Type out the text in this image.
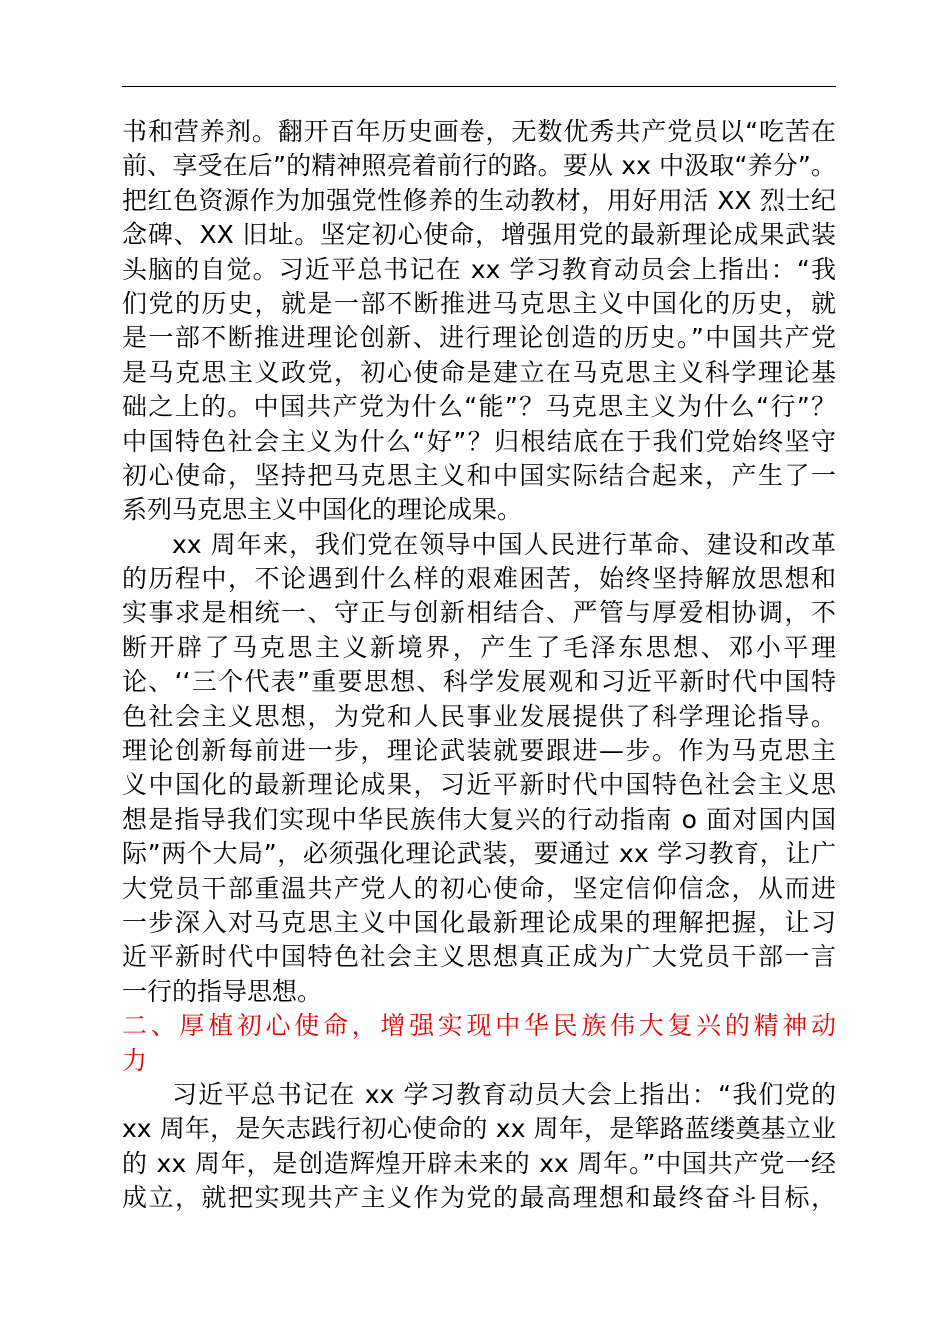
书和营养剂。翻开百年历史画卷，无数优秀共产党员以“吃苦在
前、享受在后”的精神照亮着前行的路。要从 xx 中汲取“养分”。
把红色资源作为加强党性修养的生动教材，用好用活 XX 烈士纪
念碑、XX 旧址。坚定初心使命，增强用党的最新理论成果武装
头脑的自觉。习近平总书记在 xx 学习教育动员会上指出：“我
们党的历史，就是一部不断推进马克思主义中国化的历史，就
是一部不断推进理论创新、进行理论创造的历史。”中国共产党
是马克思主义政党，初心使命是建立在马克思主义科学理论基
础之上的。中国共产党为什么“能”？马克思主义为什么“行”？
中国特色社会主义为什么“好”？归根结底在于我们党始终坚守
初心使命，坚持把马克思主义和中国实际结合起来，产生了一
系列马克思主义中国化的理论成果。
xx 周年来，我们党在领导中国人民进行革命、建设和改革
的历程中，不论遇到什么样的艰难困苦，始终坚持解放思想和
实事求是相统一、守正与创新相结合、严管与厚爱相协调，不
断开辟了马克思主义新境界，产生了毛泽东思想、邓小平理
论、‘‘三个代表”重要思想、科学发展观和习近平新时代中国特
色社会主义思想，为党和人民事业发展提供了科学理论指导。
理论创新每前进一步，理论武装就要跟进—步。作为马克思主
义中国化的最新理论成果，习近平新时代中国特色社会主义思
想是指导我们实现中华民族伟大复兴的行动指南 o 面对国内国
际”两个大局”，必须强化理论武装，要通过 xx 学习教育，让广
大党员干部重温共产党人的初心使命，坚定信仰信念，从而进
一步深入对马克思主义中国化最新理论成果的理解把握，让习
近平新时代中国特色社会主义思想真正成为广大党员干部一言
一行的指导思想。
二、厚植初心使命，增强实现中华民族伟大复兴的精神动
力
习近平总书记在 xx 学习教育动员大会上指出：“我们党的
xx 周年，是矢志践行初心使命的 xx 周年，是筚路蓝缕奠基立业
的 xx 周年，是创造辉煌开辟未来的 xx 周年。”中国共产党一经
成立，就把实现共产主义作为党的最高理想和最终奋斗目标，
